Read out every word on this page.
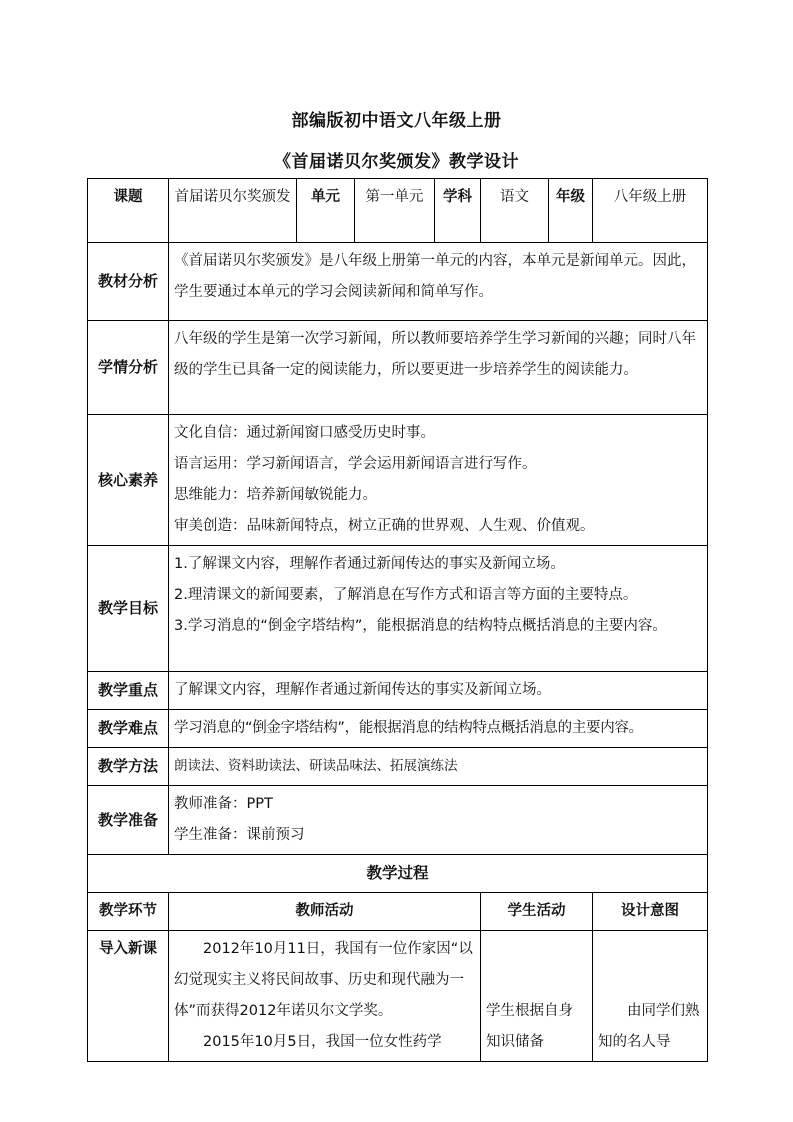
部编版初中语文八年级上册
《首届诺贝尔奖颁发》教学设计
课题	首届诺贝尔奖颁发	单元	第一单元	学科	语文	年级	八年级上册
教材分析	《首届诺贝尔奖颁发》是八年级上册第一单元的内容，本单元是新闻单元。因此，学生要通过本单元的学习会阅读新闻和简单写作。						

学情分析	八年级的学生是第一次学习新闻，所以教师要培养学生学习新闻的兴趣；同时八年级的学生已具备一定的阅读能力，所以要更进一步培养学生的阅读能力。						

核心素养	文化自信：通过新闻窗口感受历史时事。

语言运用：学习新闻语言，学会运用新闻语言进行写作。

思维能力：培养新闻敏锐能力。

审美创造：品味新闻特点，树立正确的世界观、人生观、价值观。						

教学目标	1.了解课文内容，理解作者通过新闻传达的事实及新闻立场。

2.理清课文的新闻要素，了解消息在写作方式和语言等方面的主要特点。

3.学习消息的“倒金字塔结构”，能根据消息的结构特点概括消息的主要内容。						

教学重点	了解课文内容，理解作者通过新闻传达的事实及新闻立场。						
教学难点	学习消息的“倒金字塔结构”，能根据消息的结构特点概括消息的主要内容。						
教学方法	朗读法、资料助读法、研读品味法、拓展演练法						
教学准备	教师准备：PPT

学生准备：课前预习						

教学过程							
教学环节	教师活动				学生活动		设计意图
导入新课	2012年10月11日，我国有一位作家因“以幻觉现实主义将民间故事、历史和现代融为一体”而获得2012年诺贝尔文学奖。

2015年10月5日，我国一位女性药学				学生根据自身知识储备		由同学们熟知的名人导
